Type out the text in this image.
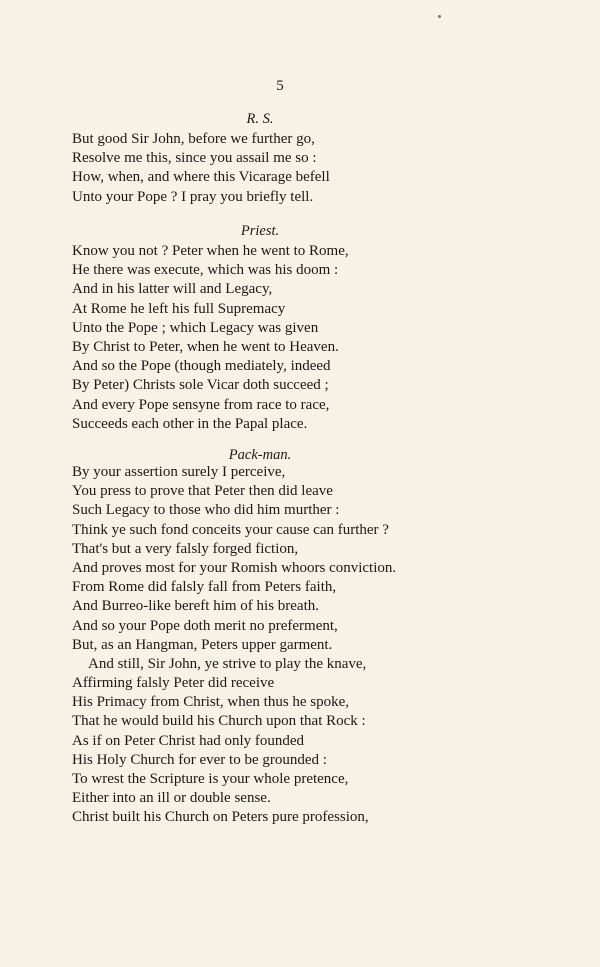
5
R. S.
But good Sir John, before we further go,
Resolve me this, since you assail me so :
How, when, and where this Vicarage befell
Unto your Pope ? I pray you briefly tell.
Priest.
Know you not ? Peter when he went to Rome,
He there was execute, which was his doom :
And in his latter will and Legacy,
At Rome he left his full Supremacy
Unto the Pope ; which Legacy was given
By Christ to Peter, when he went to Heaven.
And so the Pope (though mediately, indeed
By Peter) Christs sole Vicar doth succeed ;
And every Pope sensyne from race to race,
Succeeds each other in the Papal place.
Pack-man.
By your assertion surely I perceive,
You press to prove that Peter then did leave
Such Legacy to those who did him murther :
Think ye such fond conceits your cause can further ?
That's but a very falsly forged fiction,
And proves most for your Romish whoors conviction.
From Rome did falsly fall from Peters faith,
And Burreo-like bereft him of his breath.
And so your Pope doth merit no preferment,
But, as an Hangman, Peters upper garment.
And still, Sir John, ye strive to play the knave,
Affirming falsly Peter did receive
His Primacy from Christ, when thus he spoke,
That he would build his Church upon that Rock :
As if on Peter Christ had only founded
His Holy Church for ever to be grounded :
To wrest the Scripture is your whole pretence,
Either into an ill or double sense.
Christ built his Church on Peters pure profession,
